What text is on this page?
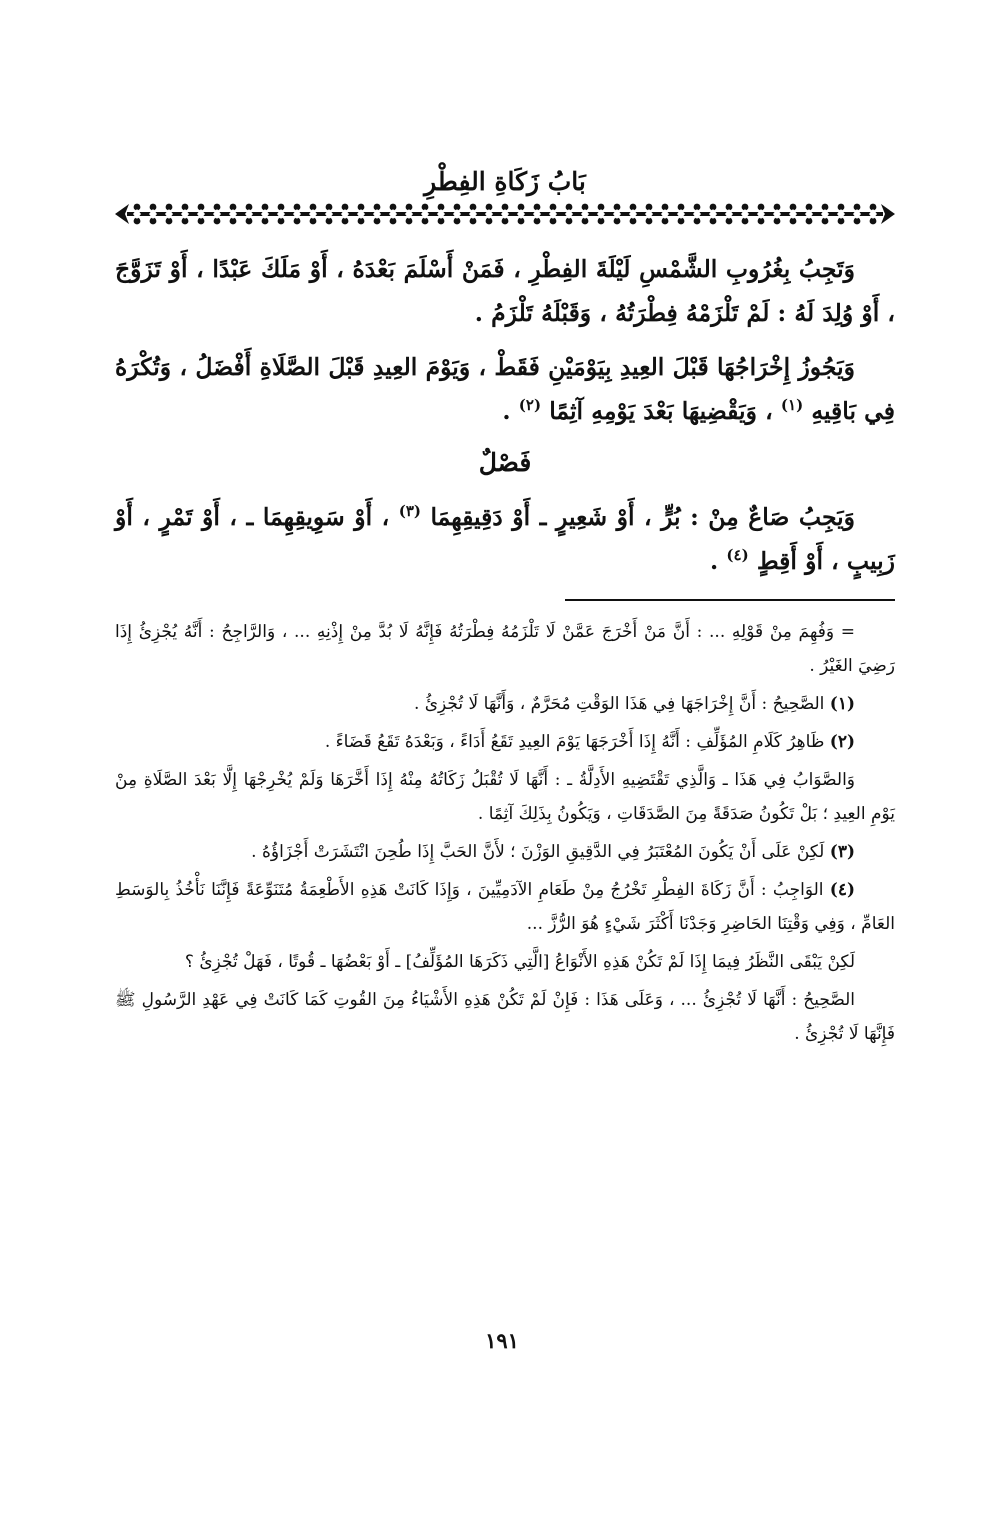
بَابُ زَكَاةِ الفِطْرِ

وَتَجِبُ بِغُرُوبِ الشَّمْسِ لَيْلَةَ الفِطْرِ ، فَمَنْ أَسْلَمَ بَعْدَهُ ، أَوْ مَلَكَ عَبْدًا ، أَوْ تَزَوَّجَ ، أَوْ وُلِدَ لَهُ : لَمْ تَلْزَمْهُ فِطْرَتُهُ ، وَقَبْلَهُ تَلْزَمُ .

وَيَجُوزُ إِخْرَاجُهَا قَبْلَ العِيدِ بِيَوْمَيْنِ فَقَطْ ، وَيَوْمَ العِيدِ قَبْلَ الصَّلَاةِ أَفْضَلُ ، وَتُكْرَهُ فِي بَاقِيهِ $^{(١)}$ ، وَيَقْضِيهَا بَعْدَ يَوْمِهِ آثِمًا $^{(٢)}$ .

فَصْلٌ

وَيَجِبُ صَاعٌ مِنْ : بُرٍّ ، أَوْ شَعِيرٍ ـ أَوْ دَقِيقِهِمَا $^{(٣)}$ ، أَوْ سَوِيقِهِمَا ـ ، أَوْ تَمْرٍ ، أَوْ زَبِيبٍ ، أَوْ أَقِطٍ $^{(٤)}$ .

= وَفُهِمَ مِنْ قَوْلِهِ ... : أَنَّ مَنْ أَخْرَجَ عَمَّنْ لَا تَلْزَمُهُ فِطْرَتُهُ فَإِنَّهُ لَا بُدَّ مِنْ إِذْنِهِ ... ، وَالرَّاجِحُ : أَنَّهُ يُجْزِئُ إِذَا رَضِيَ الغَيْرُ .

(١) الصَّحِيحُ : أَنَّ إِخْرَاجَهَا فِي هَذَا الوَقْتِ مُحَرَّمٌ ، وَأَنَّهَا لَا تُجْزِئُ .

(٢) ظَاهِرُ كَلَامِ المُؤَلِّفِ : أَنَّهُ إِذَا أَخْرَجَهَا يَوْمَ العِيدِ تَقَعُ أَدَاءً ، وَبَعْدَهُ تَقَعُ قَضَاءً .

وَالصَّوَابُ فِي هَذَا ـ وَالَّذِي تَقْتَضِيهِ الأَدِلَّةُ ـ : أَنَّهَا لَا تُقْبَلُ زَكَاتُهُ مِنْهُ إِذَا أَخَّرَهَا وَلَمْ يُخْرِجْهَا إِلَّا بَعْدَ الصَّلَاةِ مِنْ يَوْمِ العِيدِ ؛ بَلْ تَكُونُ صَدَقَةً مِنَ الصَّدَقَاتِ ، وَيَكُونُ بِذَلِكَ آثِمًا .

(٣) لَكِنْ عَلَى أَنْ يَكُونَ المُعْتَبَرُ فِي الدَّقِيقِ الوَزْنَ ؛ لأَنَّ الحَبَّ إِذَا طُحِنَ انْتَشَرَتْ أَجْزَاؤُهُ .

(٤) الوَاجِبُ : أَنَّ زَكَاةَ الفِطْرِ تَخْرُجُ مِنْ طَعَامِ الآدَمِيِّينَ ، وَإِذَا كَانَتْ هَذِهِ الأَطْعِمَةُ مُتَنَوِّعَةً فَإِنَّنَا نَأْخُذُ بِالوَسَطِ العَامِّ ، وَفِي وَقْتِنَا الحَاضِرِ وَجَدْنَا أَكْثَرَ شَيْءٍ هُوَ الرُّزَّ ...

لَكِنْ يَبْقَى النَّظَرُ فِيمَا إِذَا لَمْ تَكُنْ هَذِهِ الأَنْوَاعُ [الَّتِي ذَكَرَهَا المُؤَلِّفُ] ـ أَوْ بَعْضُهَا ـ قُوتًا ، فَهَلْ تُجْزِئُ ؟

الصَّحِيحُ : أَنَّهَا لَا تُجْزِئُ ... ، وَعَلَى هَذَا : فَإِنْ لَمْ تَكُنْ هَذِهِ الأَشْيَاءُ مِنَ القُوتِ كَمَا كَانَتْ فِي عَهْدِ الرَّسُولِ ﷺ فَإِنَّهَا لَا تُجْزِئُ .

١٩١
